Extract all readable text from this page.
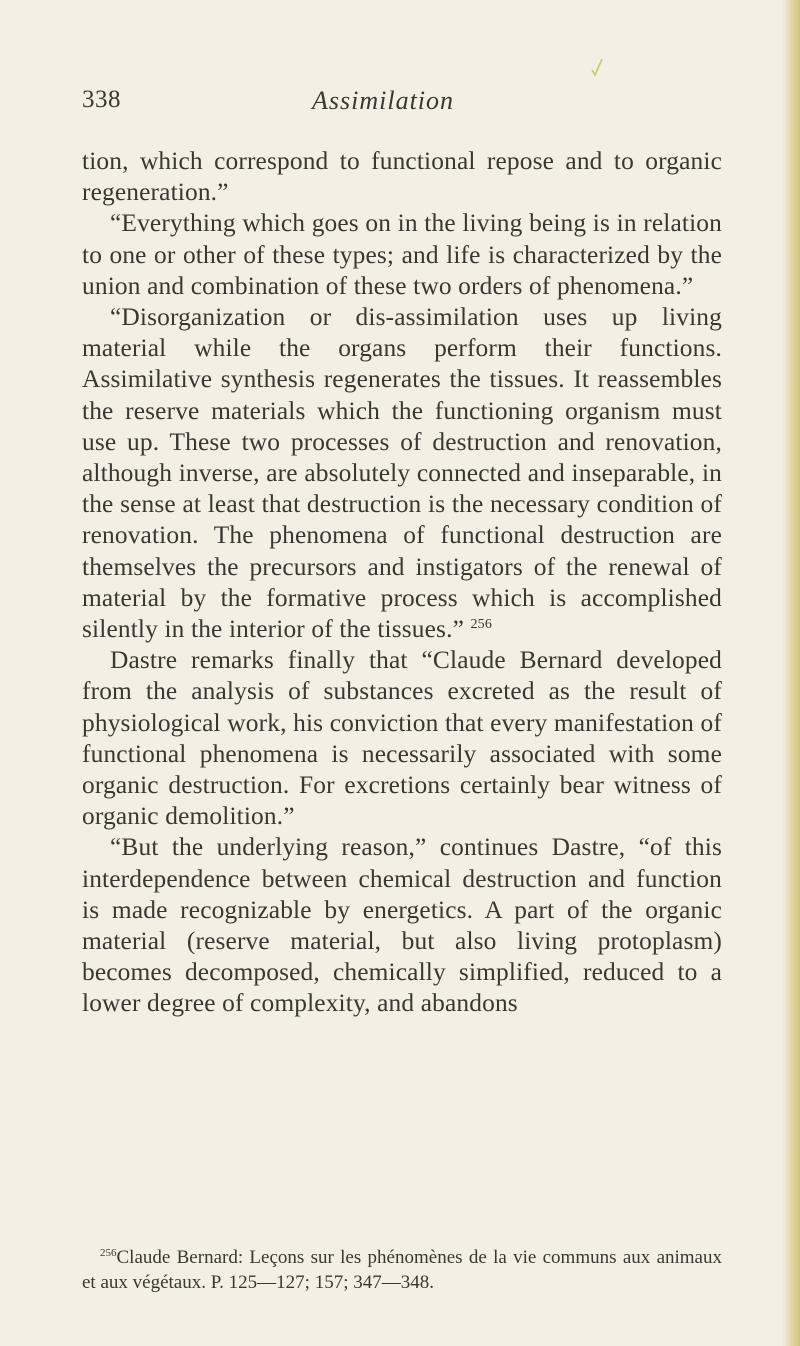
338	Assimilation

tion, which correspond to functional repose and to organic regeneration.”

“Everything which goes on in the living being is in relation to one or other of these types; and life is characterized by the union and combination of these two orders of phenomena.”

“Disorganization or dis-assimilation uses up living material while the organs perform their functions. Assimilative synthesis regenerates the tissues. It reassembles the reserve materials which the functioning organism must use up. These two processes of destruction and renovation, although inverse, are absolutely connected and inseparable, in the sense at least that destruction is the necessary condition of renovation. The phenomena of functional destruction are themselves the precursors and instigators of the renewal of material by the formative process which is accomplished silently in the interior of the tissues.” $^{256}$

Dastre remarks finally that “Claude Bernard developed from the analysis of substances excreted as the result of physiological work, his conviction that every manifestation of functional phenomena is necessarily associated with some organic destruction. For excretions certainly bear witness of organic demolition.”

“But the underlying reason,” continues Dastre, “of this interdependence between chemical destruction and function is made recognizable by energetics. A part of the organic material (reserve material, but also living protoplasm) becomes decomposed, chemically simplified, reduced to a lower degree of complexity, and abandons

$^{256}$Claude Bernard: Leçons sur les phénomènes de la vie communs aux animaux et aux végétaux. P. 125—127; 157; 347—348.
